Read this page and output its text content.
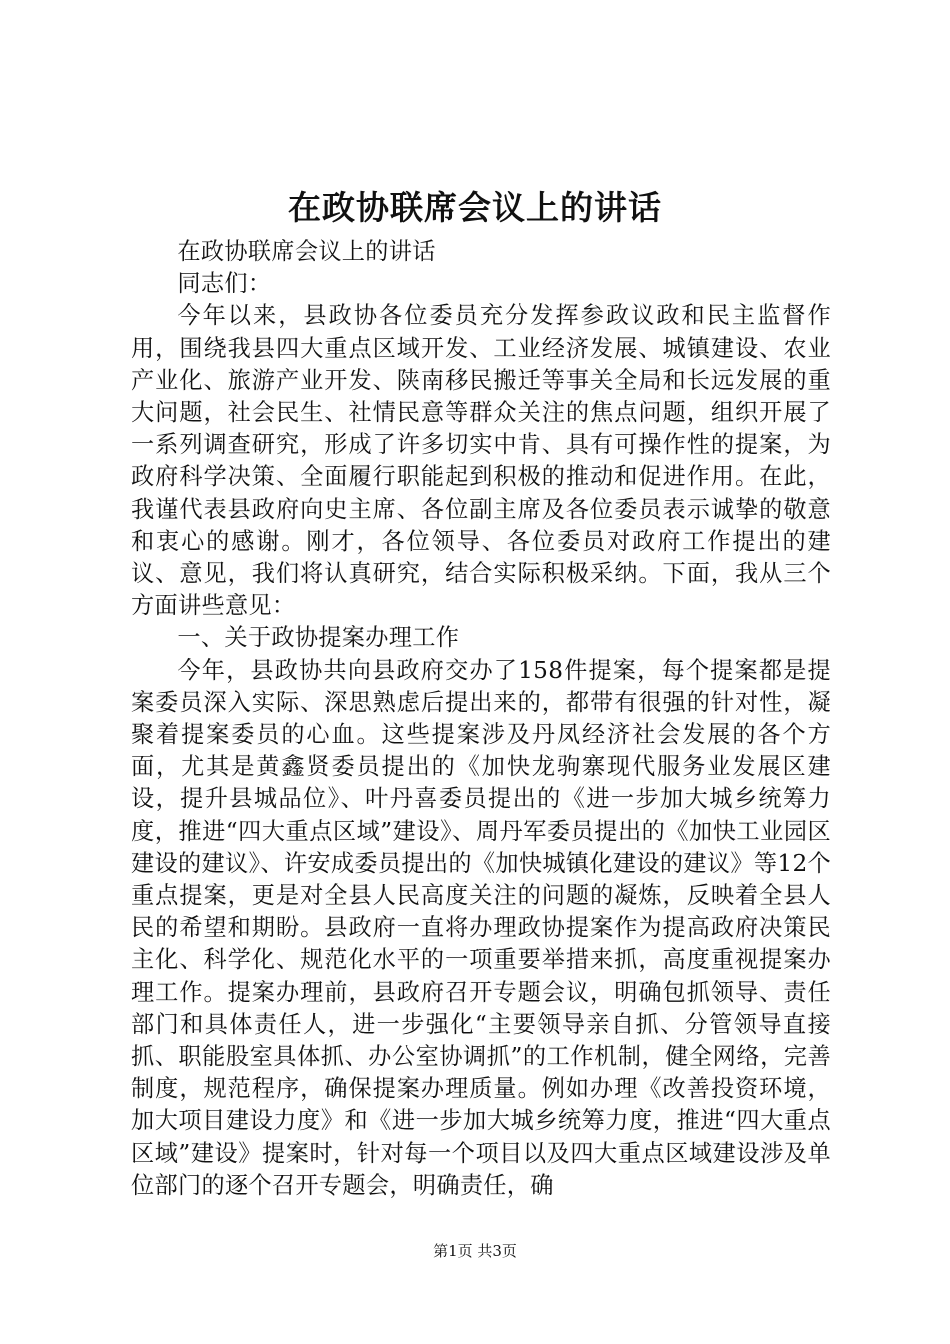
在政协联席会议上的讲话

在政协联席会议上的讲话

同志们：

今年以来，县政协各位委员充分发挥参政议政和民主监督作用，围绕我县四大重点区域开发、工业经济发展、城镇建设、农业产业化、旅游产业开发、陕南移民搬迁等事关全局和长远发展的重大问题，社会民生、社情民意等群众关注的焦点问题，组织开展了一系列调查研究，形成了许多切实中肯、具有可操作性的提案，为政府科学决策、全面履行职能起到积极的推动和促进作用。在此，我谨代表县政府向史主席、各位副主席及各位委员表示诚挚的敬意和衷心的感谢。刚才，各位领导、各位委员对政府工作提出的建议、意见，我们将认真研究，结合实际积极采纳。下面，我从三个方面讲些意见：

一、关于政协提案办理工作

今年，县政协共向县政府交办了158件提案，每个提案都是提案委员深入实际、深思熟虑后提出来的，都带有很强的针对性，凝聚着提案委员的心血。这些提案涉及丹凤经济社会发展的各个方面，尤其是黄鑫贤委员提出的《加快龙驹寨现代服务业发展区建设，提升县城品位》、叶丹喜委员提出的《进一步加大城乡统筹力度，推进“四大重点区域”建设》、周丹军委员提出的《加快工业园区建设的建议》、许安成委员提出的《加快城镇化建设的建议》等12个重点提案，更是对全县人民高度关注的问题的凝炼，反映着全县人民的希望和期盼。县政府一直将办理政协提案作为提高政府决策民主化、科学化、规范化水平的一项重要举措来抓，高度重视提案办理工作。提案办理前，县政府召开专题会议，明确包抓领导、责任部门和具体责任人，进一步强化“主要领导亲自抓、分管领导直接抓、职能股室具体抓、办公室协调抓”的工作机制，健全网络，完善制度，规范程序，确保提案办理质量。例如办理《改善投资环境，加大项目建设力度》和《进一步加大城乡统筹力度，推进“四大重点区域”建设》提案时，针对每一个项目以及四大重点区域建设涉及单位部门的逐个召开专题会，明确责任，确

第1页 共3页
